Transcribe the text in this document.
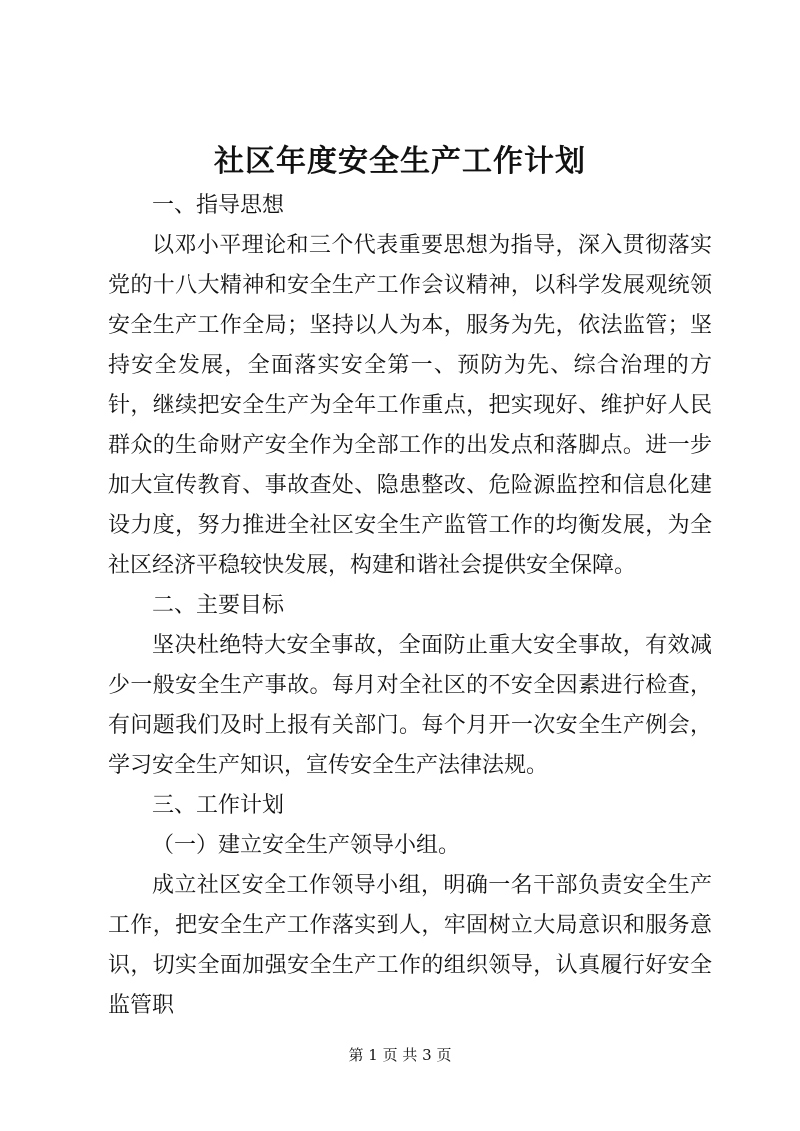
社区年度安全生产工作计划

一、指导思想

以邓小平理论和三个代表重要思想为指导，深入贯彻落实党的十八大精神和安全生产工作会议精神，以科学发展观统领安全生产工作全局；坚持以人为本，服务为先，依法监管；坚持安全发展，全面落实安全第一、预防为先、综合治理的方针，继续把安全生产为全年工作重点，把实现好、维护好人民群众的生命财产安全作为全部工作的出发点和落脚点。进一步加大宣传教育、事故查处、隐患整改、危险源监控和信息化建设力度，努力推进全社区安全生产监管工作的均衡发展，为全社区经济平稳较快发展，构建和谐社会提供安全保障。

二、主要目标

坚决杜绝特大安全事故，全面防止重大安全事故，有效减少一般安全生产事故。每月对全社区的不安全因素进行检查，有问题我们及时上报有关部门。每个月开一次安全生产例会，学习安全生产知识，宣传安全生产法律法规。

三、工作计划

（一）建立安全生产领导小组。

成立社区安全工作领导小组，明确一名干部负责安全生产工作，把安全生产工作落实到人，牢固树立大局意识和服务意识，切实全面加强安全生产工作的组织领导，认真履行好安全监管职

第 1 页 共 3 页
